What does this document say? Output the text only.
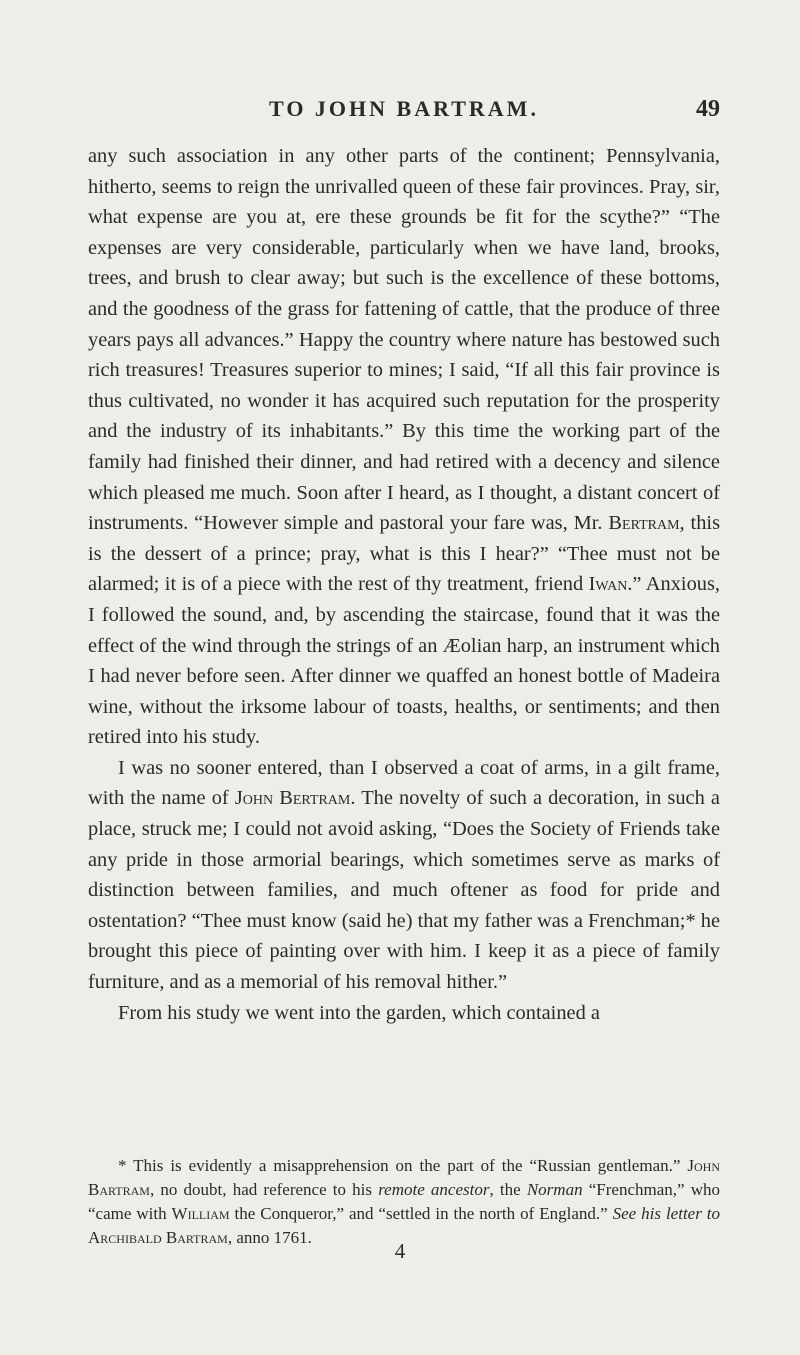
TO JOHN BARTRAM.	49

any such association in any other parts of the continent; Pennsylvania, hitherto, seems to reign the unrivalled queen of these fair provinces. Pray, sir, what expense are you at, ere these grounds be fit for the scythe?” “The expenses are very considerable, particularly when we have land, brooks, trees, and brush to clear away; but such is the excellence of these bottoms, and the goodness of the grass for fattening of cattle, that the produce of three years pays all advances.” Happy the country where nature has bestowed such rich treasures! Treasures superior to mines; I said, “If all this fair province is thus cultivated, no wonder it has acquired such reputation for the prosperity and the industry of its inhabitants.” By this time the working part of the family had finished their dinner, and had retired with a decency and silence which pleased me much. Soon after I heard, as I thought, a distant concert of instruments. “However simple and pastoral your fare was, Mr. Bertram, this is the dessert of a prince; pray, what is this I hear?” “Thee must not be alarmed; it is of a piece with the rest of thy treatment, friend Iwan.” Anxious, I followed the sound, and, by ascending the staircase, found that it was the effect of the wind through the strings of an Æolian harp, an instrument which I had never before seen. After dinner we quaffed an honest bottle of Madeira wine, without the irksome labour of toasts, healths, or sentiments; and then retired into his study.

I was no sooner entered, than I observed a coat of arms, in a gilt frame, with the name of John Bertram. The novelty of such a decoration, in such a place, struck me; I could not avoid asking, “Does the Society of Friends take any pride in those armorial bearings, which sometimes serve as marks of distinction between families, and much oftener as food for pride and ostentation? “Thee must know (said he) that my father was a Frenchman;* he brought this piece of painting over with him. I keep it as a piece of family furniture, and as a memorial of his removal hither.”

From his study we went into the garden, which contained a

* This is evidently a misapprehension on the part of the “Russian gentleman.” John Bartram, no doubt, had reference to his remote ancestor, the Norman “Frenchman,” who “came with William the Conqueror,” and “settled in the north of England.” See his letter to Archibald Bartram, anno 1761.
4
